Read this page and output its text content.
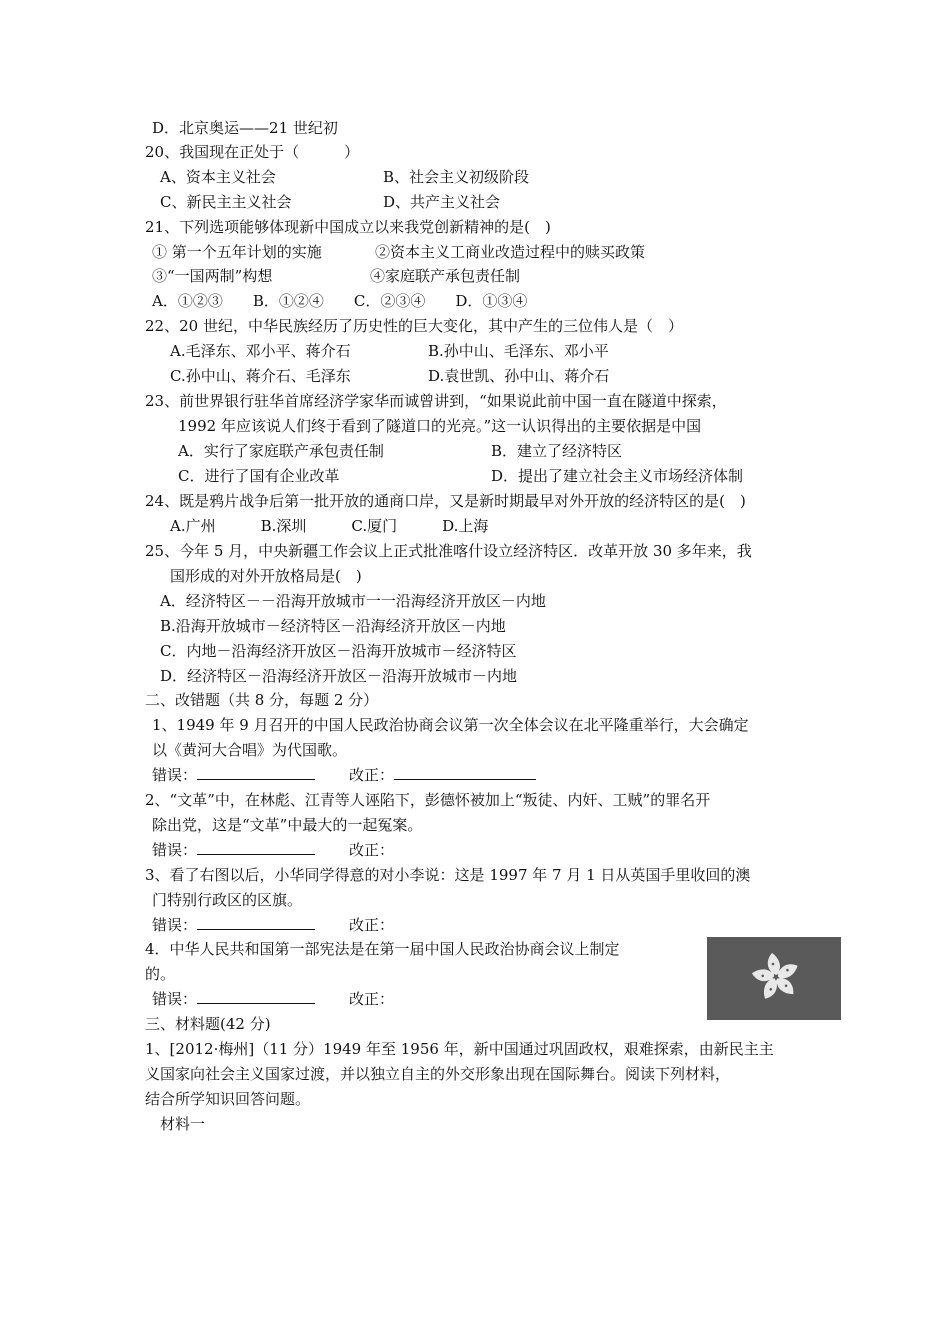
D．北京奥运——21 世纪初
20、我国现在正处于（　　　）
A、资本主义社会	B、社会主义初级阶段
C、新民主主义社会	D、共产主义社会
21、下列选项能够体现新中国成立以来我党创新精神的是(　)
① 第一个五年计划的实施	②资本主义工商业改造过程中的赎买政策
③“一国两制”构想	④家庭联产承包责任制
A．①②③　　B．①②④　　C．②③④　　D．①③④
22、20 世纪，中华民族经历了历史性的巨大变化，其中产生的三位伟人是（　）
A.毛泽东、邓小平、蒋介石	B.孙中山、毛泽东、邓小平
C.孙中山、蒋介石、毛泽东	D.袁世凯、孙中山、蒋介石
23、前世界银行驻华首席经济学家华而诚曾讲到，“如果说此前中国一直在隧道中探索，
1992 年应该说人们终于看到了隧道口的光亮。”这一认识得出的主要依据是中国
A．实行了家庭联产承包责任制	B．建立了经济特区
C．进行了国有企业改革	D．提出了建立社会主义市场经济体制
24、既是鸦片战争后第一批开放的通商口岸，又是新时期最早对外开放的经济特区的是(　)
A.广州　　　B.深圳　　　C.厦门　　　D.上海
25、今年 5 月，中央新疆工作会议上正式批准喀什设立经济特区．改革开放 30 多年来，我
国形成的对外开放格局是(　)
A．经济特区－－沿海开放城市一一沿海经济开放区－内地
B.沿海开放城市－经济特区－沿海经济开放区－内地
C．内地－沿海经济开放区－沿海开放城市－经济特区
D．经济特区－沿海经济开放区－沿海开放城市－内地
二、改错题（共 8 分，每题 2 分）
1、1949 年 9 月召开的中国人民政治协商会议第一次全体会议在北平隆重举行，大会确定
以《黄河大合唱》为代国歌。
2、“文革”中，在林彪、江青等人诬陷下，彭德怀被加上“叛徒、内奸、工贼”的罪名开
除出党，这是“文革”中最大的一起冤案。
3、看了右图以后，小华同学得意的对小李说：这是 1997 年 7 月 1 日从英国手里收回的澳
门特别行政区的区旗。
4．中华人民共和国第一部宪法是在第一届中国人民政治协商会议上制定
的。
三、材料题(42 分)
1、[2012·梅州]（11 分）1949 年至 1956 年，新中国通过巩固政权，艰难探索，由新民主主
义国家向社会主义国家过渡，并以独立自主的外交形象出现在国际舞台。阅读下列材料，
结合所学知识回答问题。
材料一
错误：	改正：
错误：	改正：
错误：	改正：
错误：	改正：
